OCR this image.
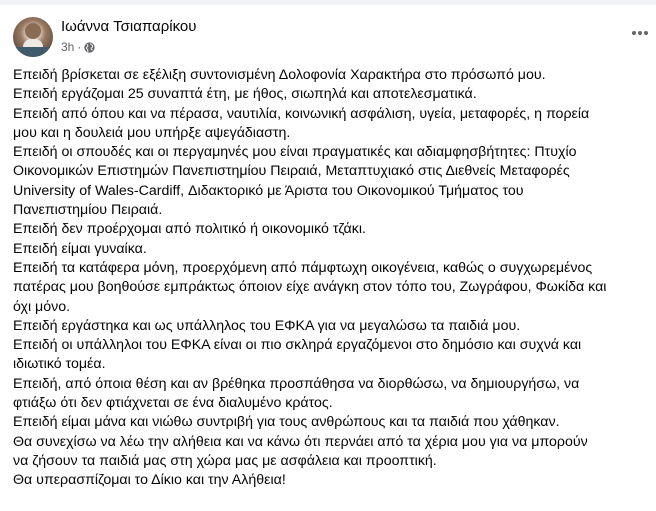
Ιωάννα Τσιαπαρίκου
3h ·

Επειδή βρίσκεται σε εξέλιξη συντονισμένη Δολοφονία Χαρακτήρα στο πρόσωπό μου.

Επειδή εργάζομαι 25 συναπτά έτη, με ήθος, σιωπηλά και αποτελεσματικά.

Επειδή από όπου και να πέρασα, ναυτιλία, κοινωνική ασφάλιση, υγεία, μεταφορές, η πορεία

μου και η δουλειά μου υπήρξε αψεγάδιαστη.

Επειδή οι σπουδές και οι περγαμηνές μου είναι πραγματικές και αδιαμφησβήτητες: Πτυχίο

Οικονομικών Επιστημών Πανεπιστημίου Πειραιά, Μεταπτυχιακό στις Διεθνείς Μεταφορές

University of Wales-Cardiff, Διδακτορικό με Άριστα του Οικονομικού Τμήματος του

Πανεπιστημίου Πειραιά.

Επειδή δεν προέρχομαι από πολιτικό ή οικονομικό τζάκι.

Επειδή είμαι γυναίκα.

Επειδή τα κατάφερα μόνη, προερχόμενη από πάμφτωχη οικογένεια, καθώς ο συγχωρεμένος

πατέρας μου βοηθούσε εμπράκτως όποιον είχε ανάγκη στον τόπο του, Ζωγράφου, Φωκίδα και

όχι μόνο.

Επειδή εργάστηκα και ως υπάλληλος του ΕΦΚΑ για να μεγαλώσω τα παιδιά μου.

Επειδή οι υπάλληλοι του ΕΦΚΑ είναι οι πιο σκληρά εργαζόμενοι στο δημόσιο και συχνά και

ιδιωτικό τομέα.

Επειδή, από όποια θέση και αν βρέθηκα προσπάθησα να διορθώσω, να δημιουργήσω, να

φτιάξω ότι δεν φτιάχνεται σε ένα διαλυμένο κράτος.

Επειδή είμαι μάνα και νιώθω συντριβή για τους ανθρώπους και τα παιδιά που χάθηκαν.

Θα συνεχίσω να λέω την αλήθεια και να κάνω ότι περνάει από τα χέρια μου για να μπορούν

να ζήσουν τα παιδιά μας στη χώρα μας με ασφάλεια και προοπτική.

Θα υπερασπίζομαι το Δίκιο και την Αλήθεια!
